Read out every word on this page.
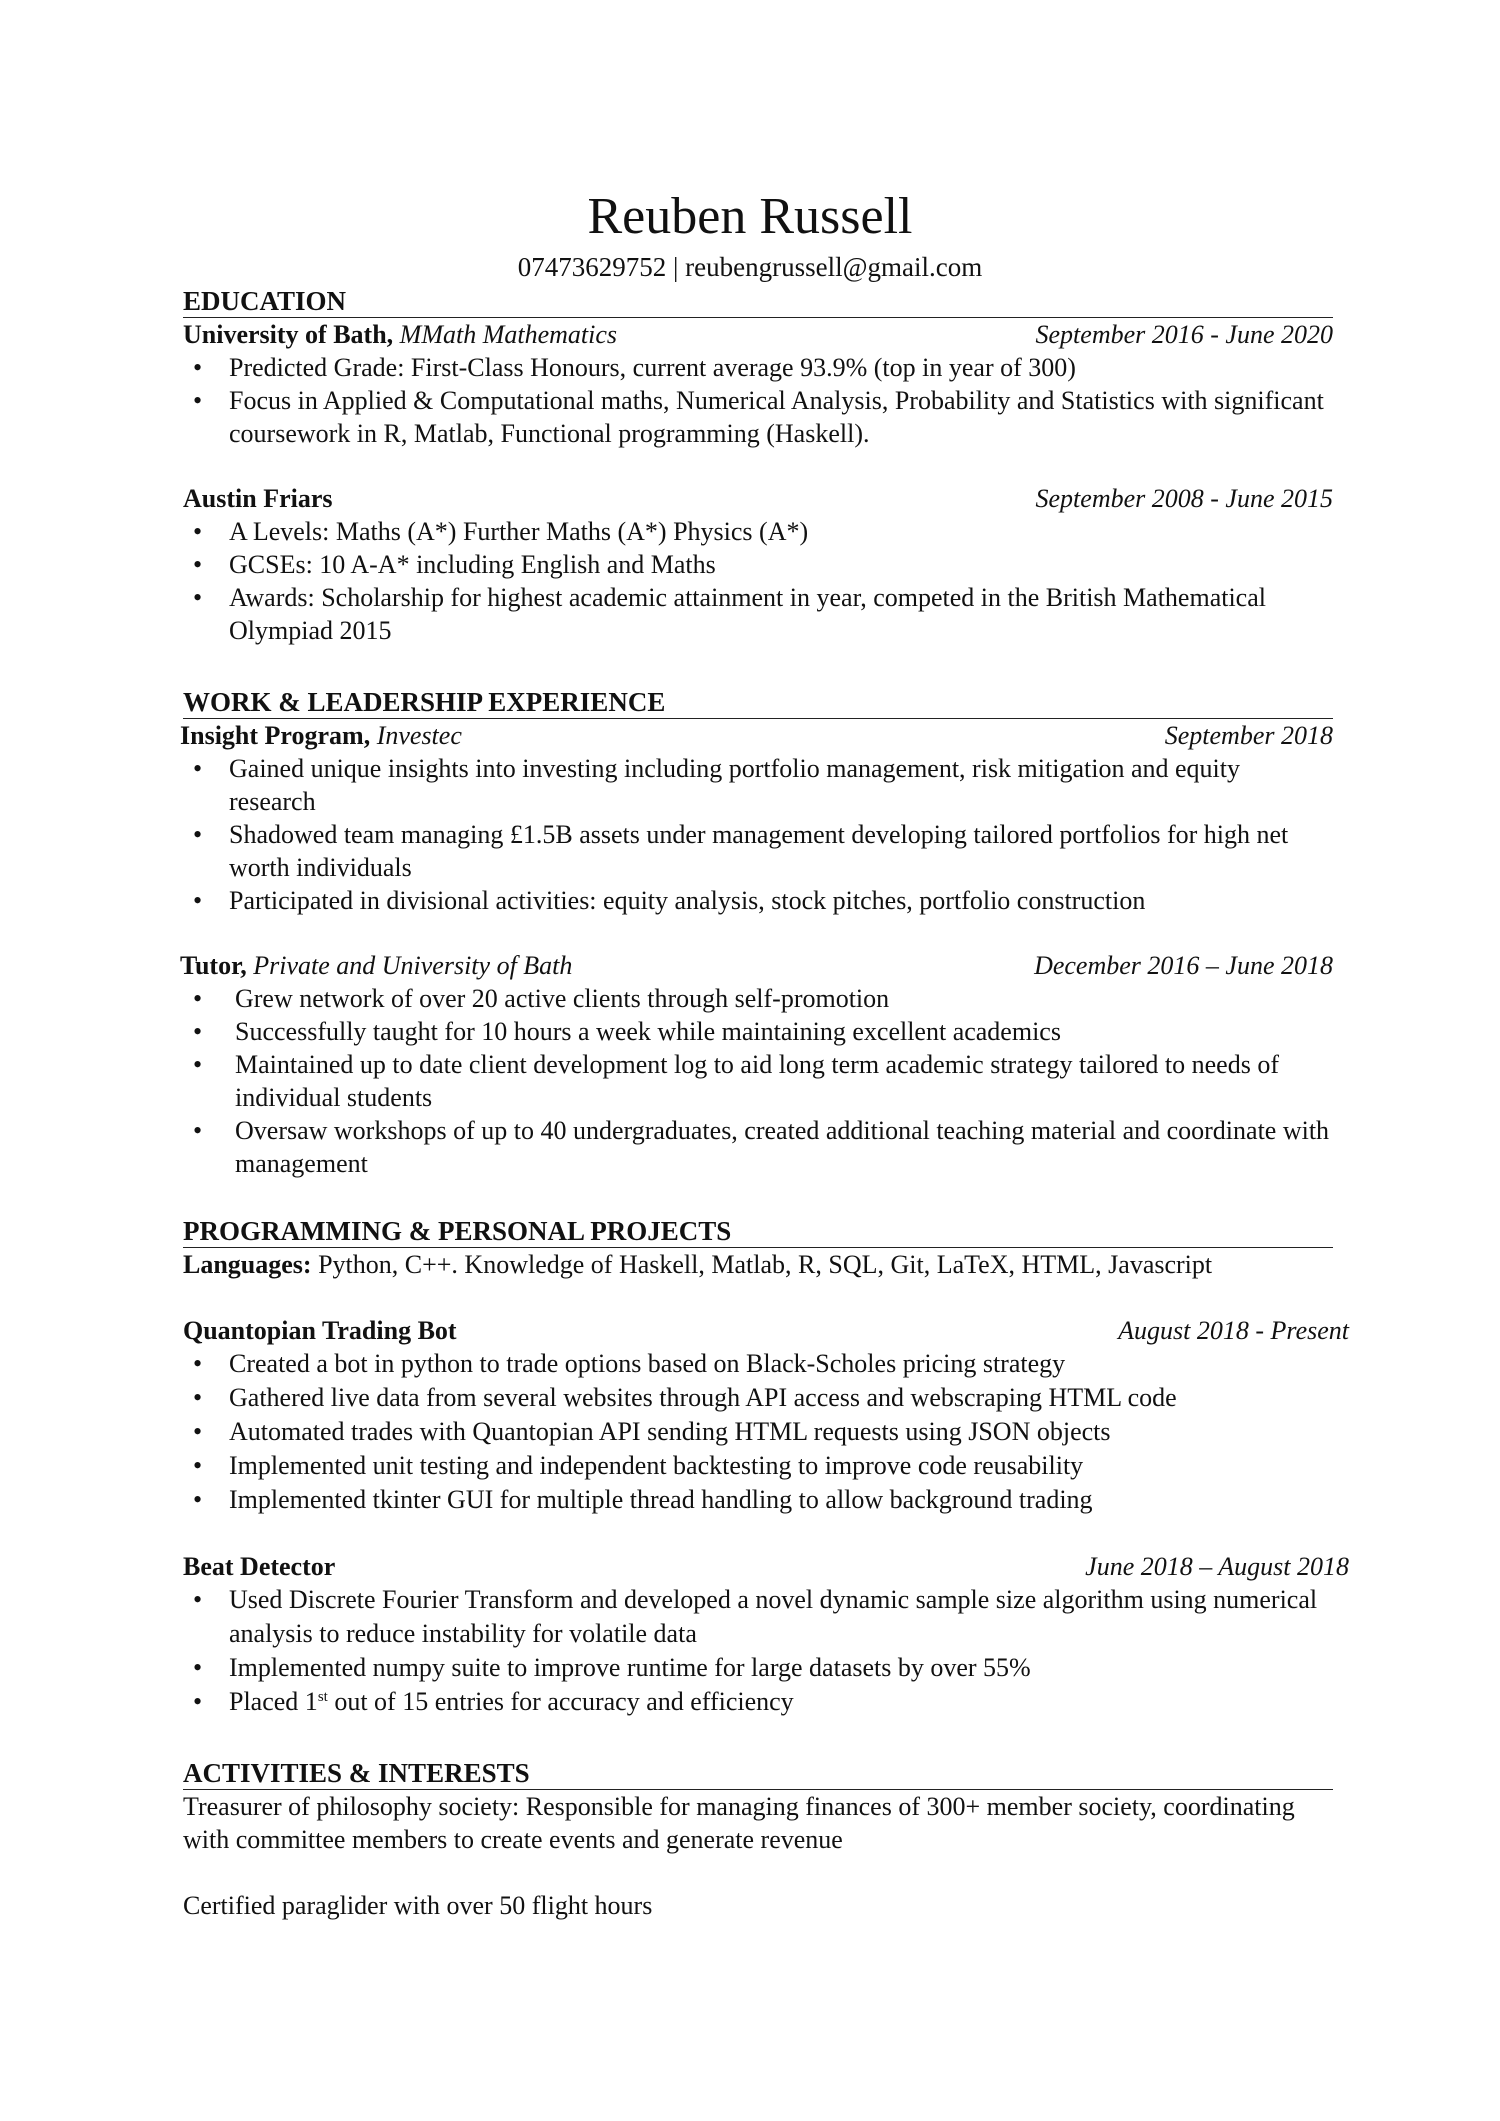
Reuben Russell
07473629752 | reubengrussell@gmail.com
EDUCATION
University of Bath, MMath Mathematics	September 2016 - June 2020
• Predicted Grade: First-Class Honours, current average 93.9% (top in year of 300)
• Focus in Applied & Computational maths, Numerical Analysis, Probability and Statistics with significant coursework in R, Matlab, Functional programming (Haskell).
Austin Friars	September 2008 - June 2015
• A Levels: Maths (A*) Further Maths (A*) Physics (A*)
• GCSEs: 10 A-A* including English and Maths
• Awards: Scholarship for highest academic attainment in year, competed in the British Mathematical Olympiad 2015
WORK & LEADERSHIP EXPERIENCE
Insight Program, Investec	September 2018
• Gained unique insights into investing including portfolio management, risk mitigation and equity research
• Shadowed team managing £1.5B assets under management developing tailored portfolios for high net worth individuals
• Participated in divisional activities: equity analysis, stock pitches, portfolio construction
Tutor, Private and University of Bath	December 2016 – June 2018
• Grew network of over 20 active clients through self-promotion
• Successfully taught for 10 hours a week while maintaining excellent academics
• Maintained up to date client development log to aid long term academic strategy tailored to needs of individual students
• Oversaw workshops of up to 40 undergraduates, created additional teaching material and coordinate with management
PROGRAMMING & PERSONAL PROJECTS
Languages: Python, C++. Knowledge of Haskell, Matlab, R, SQL, Git, LaTeX, HTML, Javascript
Quantopian Trading Bot	August 2018 - Present
• Created a bot in python to trade options based on Black-Scholes pricing strategy
• Gathered live data from several websites through API access and webscraping HTML code
• Automated trades with Quantopian API sending HTML requests using JSON objects
• Implemented unit testing and independent backtesting to improve code reusability
• Implemented tkinter GUI for multiple thread handling to allow background trading
Beat Detector	June 2018 – August 2018
• Used Discrete Fourier Transform and developed a novel dynamic sample size algorithm using numerical analysis to reduce instability for volatile data
• Implemented numpy suite to improve runtime for large datasets by over 55%
• Placed 1st out of 15 entries for accuracy and efficiency
ACTIVITIES & INTERESTS
Treasurer of philosophy society: Responsible for managing finances of 300+ member society, coordinating with committee members to create events and generate revenue
Certified paraglider with over 50 flight hours
